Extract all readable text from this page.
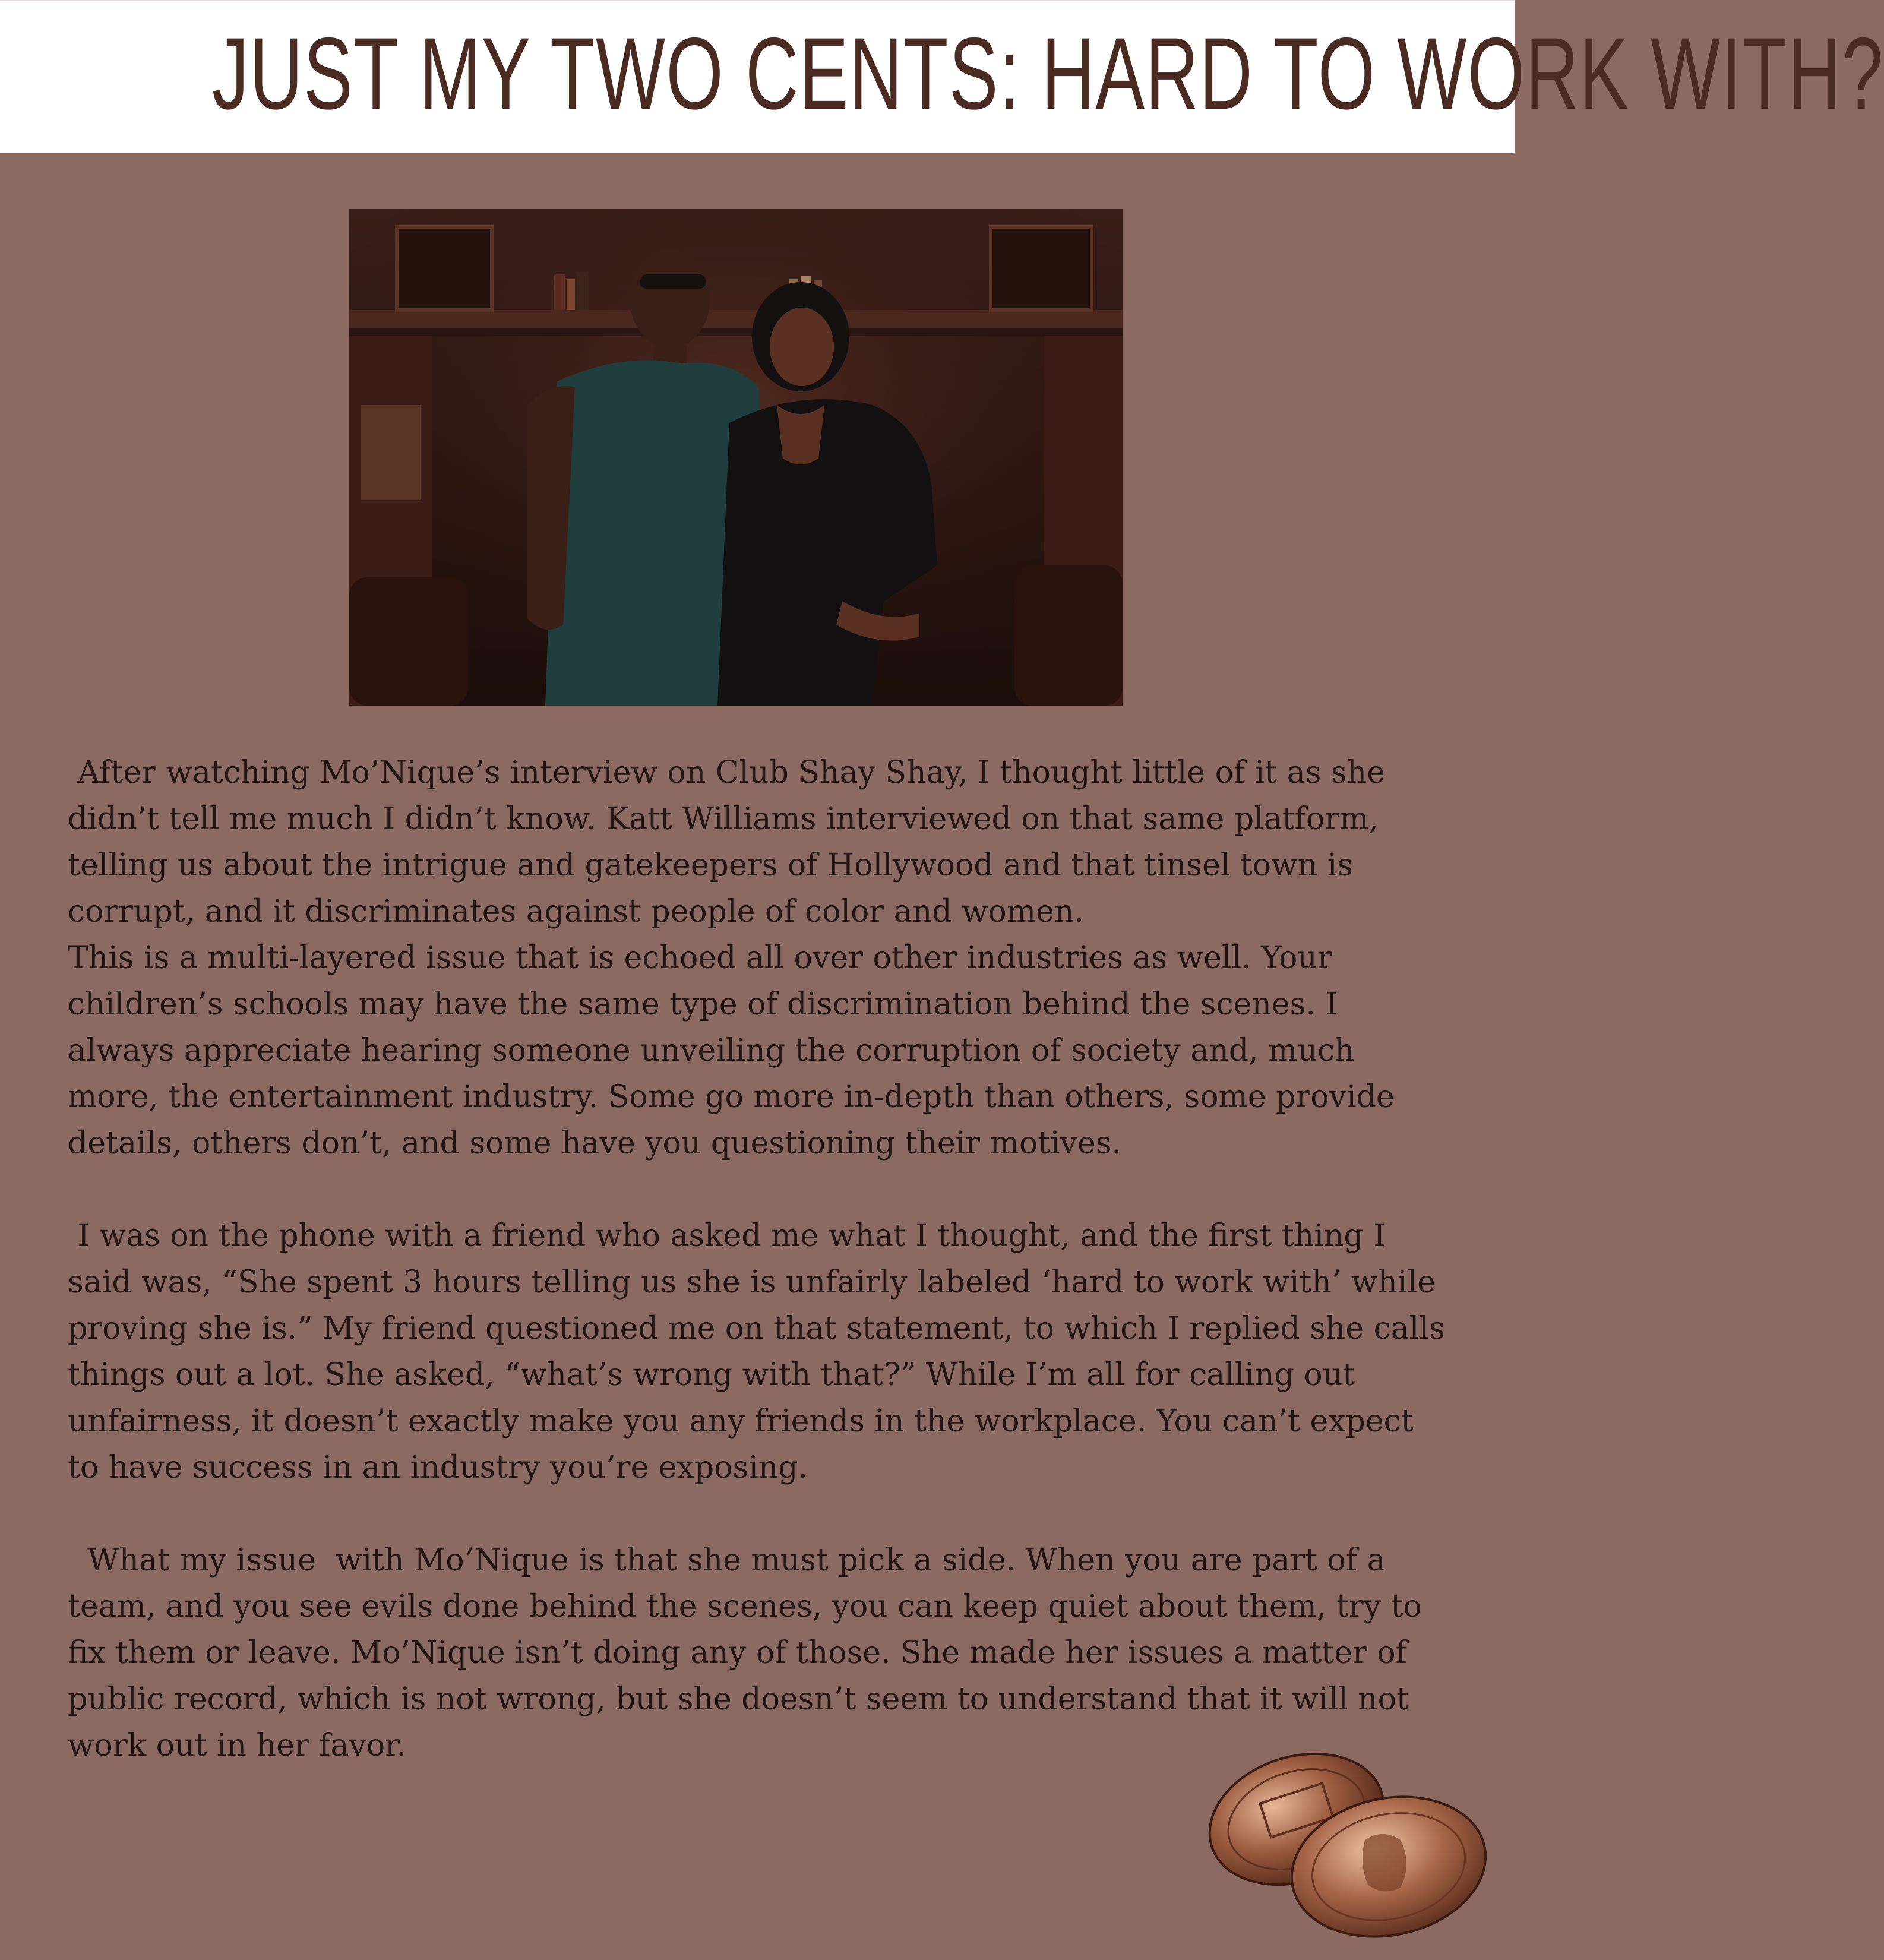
JUST MY TWO CENTS: HARD TO WORK WITH?

After watching Mo’Nique’s interview on Club Shay Shay, I thought little of it as she didn’t tell me much I didn’t know. Katt Williams interviewed on that same platform, telling us about the intrigue and gatekeepers of Hollywood and that tinsel town is corrupt, and it discriminates against people of color and women.

This is a multi-layered issue that is echoed all over other industries as well. Your children’s schools may have the same type of discrimination behind the scenes. I always appreciate hearing someone unveiling the corruption of society and, much more, the entertainment industry. Some go more in-depth than others, some provide details, others don’t, and some have you questioning their motives.

I was on the phone with a friend who asked me what I thought, and the first thing I said was, “She spent 3 hours telling us she is unfairly labeled ‘hard to work with’ while proving she is.” My friend questioned me on that statement, to which I replied she calls things out a lot. She asked, “what’s wrong with that?” While I’m all for calling out unfairness, it doesn’t exactly make you any friends in the workplace. You can’t expect to have success in an industry you’re exposing.

What my issue  with Mo’Nique is that she must pick a side. When you are part of a team, and you see evils done behind the scenes, you can keep quiet about them, try to fix them or leave. Mo’Nique isn’t doing any of those. She made her issues a matter of public record, which is not wrong, but she doesn’t seem to understand that it will not work out in her favor.
